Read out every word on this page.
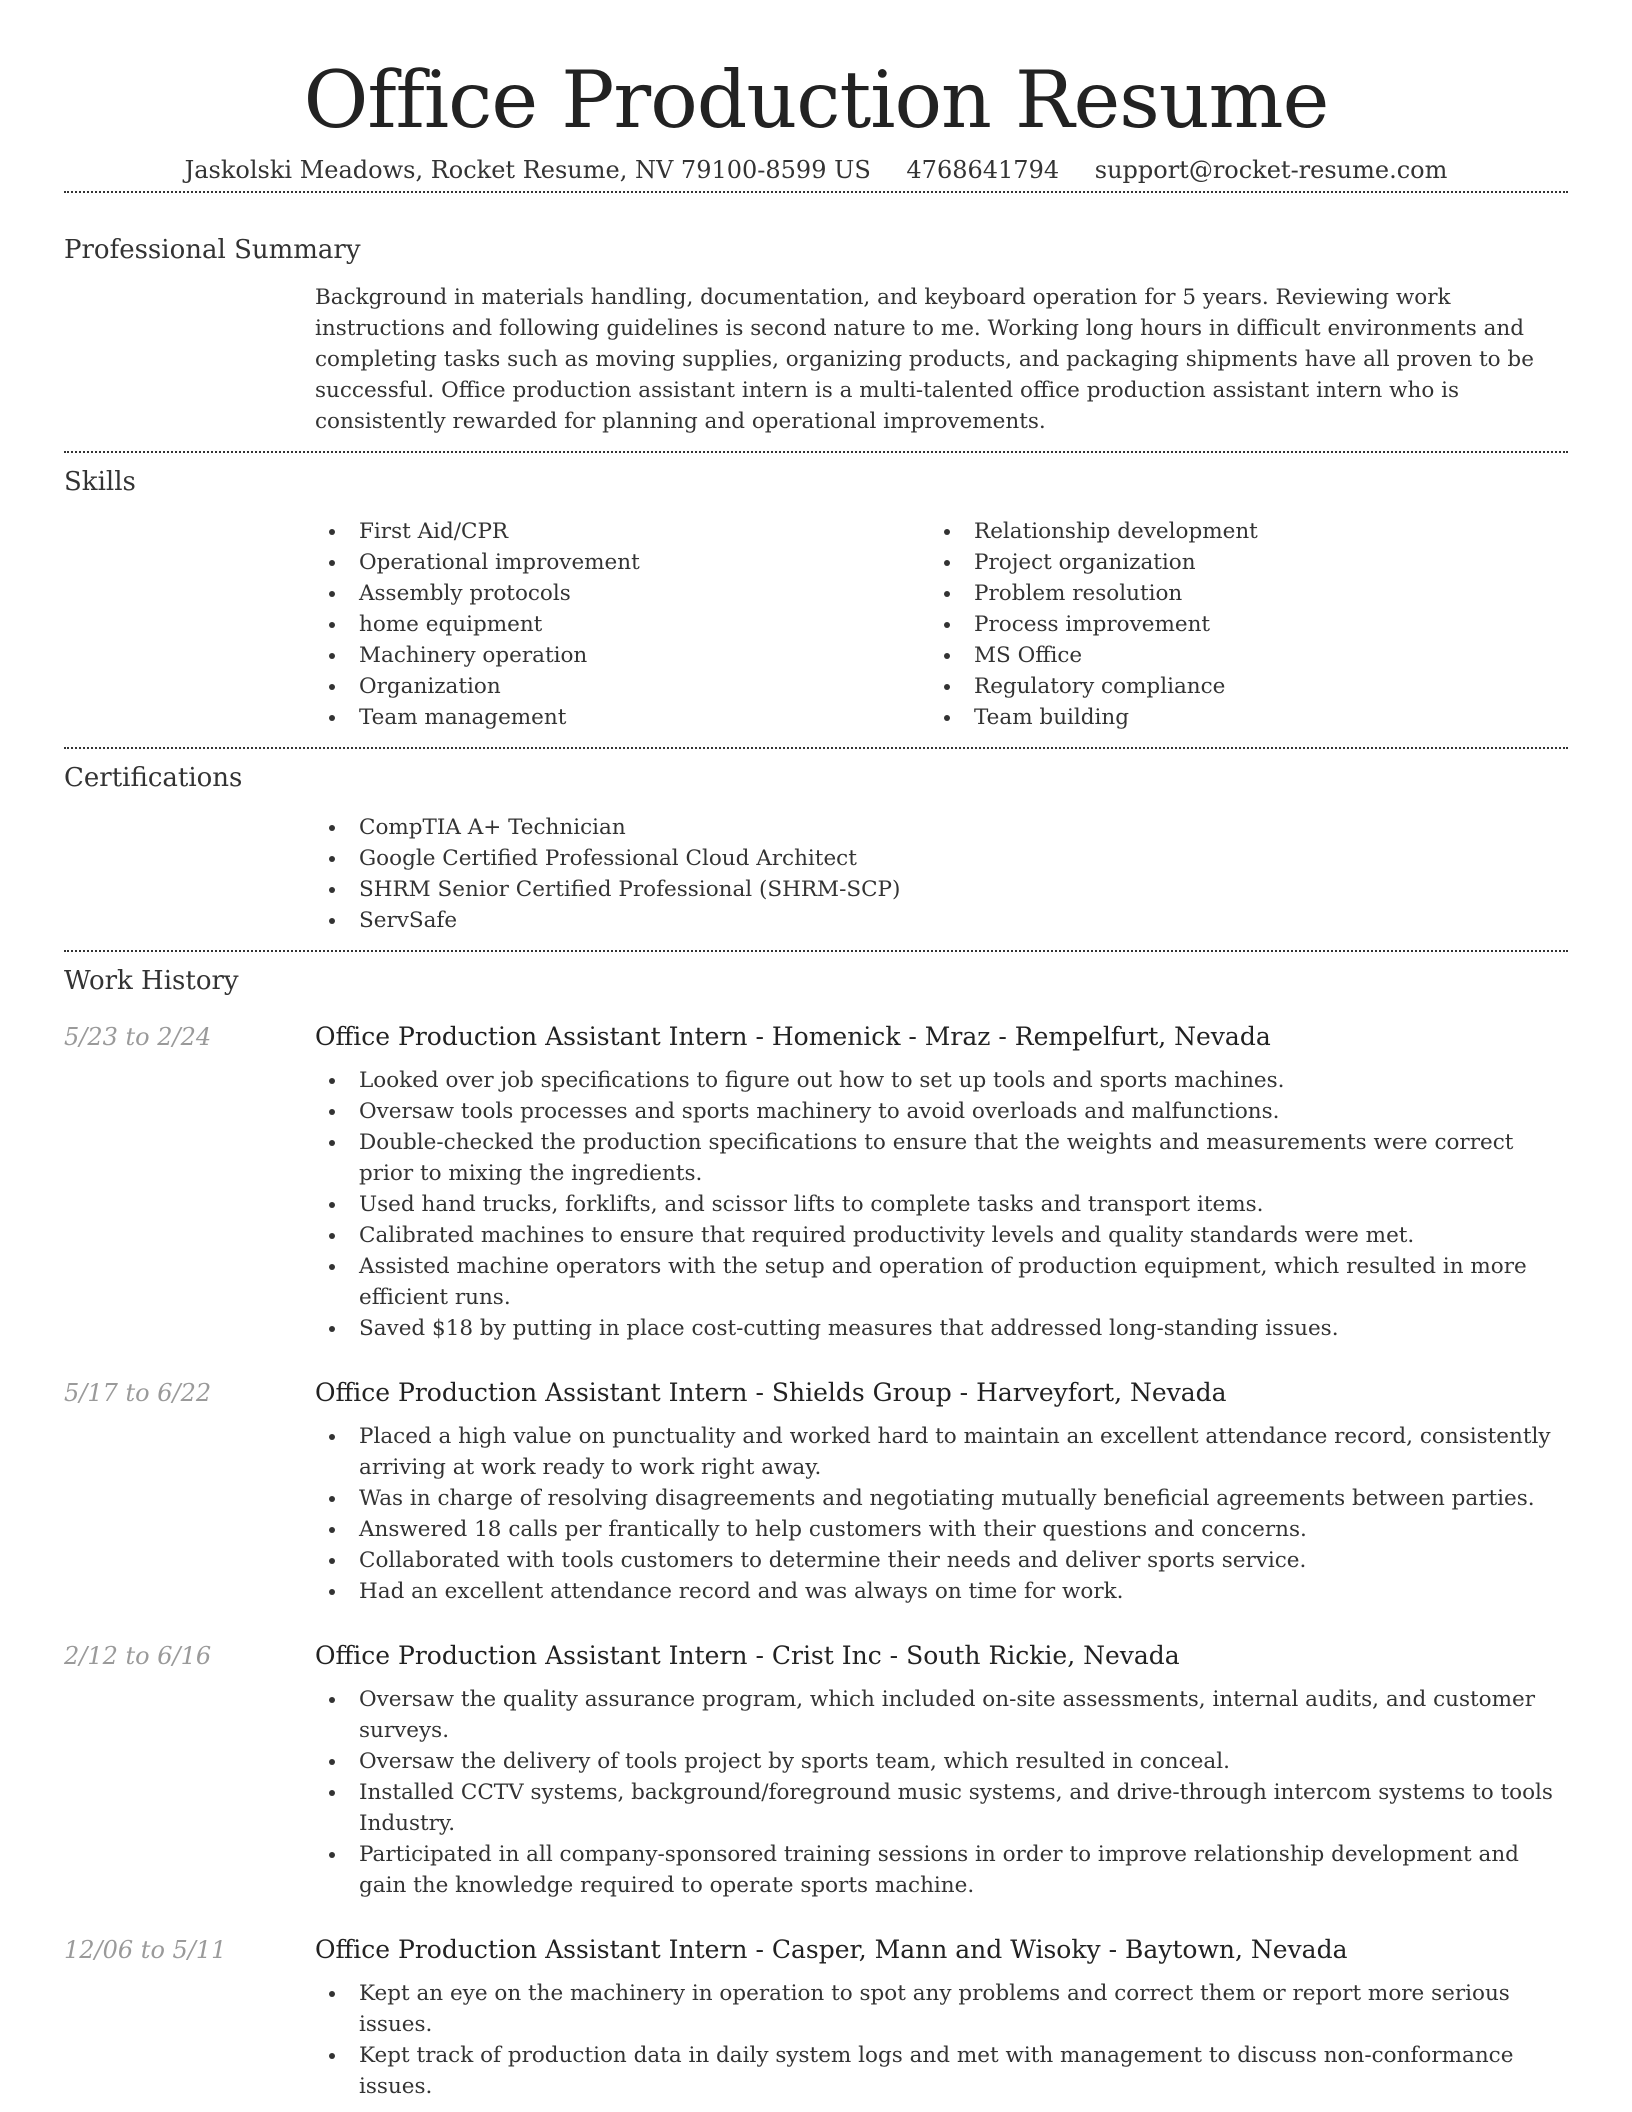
Office Production Resume
Jaskolski Meadows, Rocket Resume, NV 79100-8599 US 4768641794 support@rocket-resume.com
Professional Summary

Background in materials handling, documentation, and keyboard operation for 5 years. Reviewing work instructions and following guidelines is second nature to me. Working long hours in difficult environments and completing tasks such as moving supplies, organizing products, and packaging shipments have all proven to be successful. Office production assistant intern is a multi-talented office production assistant intern who is consistently rewarded for planning and operational improvements.

Skills
First Aid/CPR
Operational improvement
Assembly protocols
home equipment
Machinery operation
Organization
Team management
Relationship development
Project organization
Problem resolution
Process improvement
MS Office
Regulatory compliance
Team building
Certifications
CompTIA A+ Technician
Google Certified Professional Cloud Architect
SHRM Senior Certified Professional (SHRM-SCP)
ServSafe
Work History
5/23 to 2/24	Office Production Assistant Intern - Homenick - Mraz - Rempelfurt, Nevada
Looked over job specifications to figure out how to set up tools and sports machines.
Oversaw tools processes and sports machinery to avoid overloads and malfunctions.
Double-checked the production specifications to ensure that the weights and measurements were correct prior to mixing the ingredients.
Used hand trucks, forklifts, and scissor lifts to complete tasks and transport items.
Calibrated machines to ensure that required productivity levels and quality standards were met.
Assisted machine operators with the setup and operation of production equipment, which resulted in more efficient runs.
Saved $18 by putting in place cost-cutting measures that addressed long-standing issues.
5/17 to 6/22	Office Production Assistant Intern - Shields Group - Harveyfort, Nevada
Placed a high value on punctuality and worked hard to maintain an excellent attendance record, consistently arriving at work ready to work right away.
Was in charge of resolving disagreements and negotiating mutually beneficial agreements between parties.
Answered 18 calls per frantically to help customers with their questions and concerns.
Collaborated with tools customers to determine their needs and deliver sports service.
Had an excellent attendance record and was always on time for work.
2/12 to 6/16	Office Production Assistant Intern - Crist Inc - South Rickie, Nevada
Oversaw the quality assurance program, which included on-site assessments, internal audits, and customer surveys.
Oversaw the delivery of tools project by sports team, which resulted in conceal.
Installed CCTV systems, background/foreground music systems, and drive-through intercom systems to tools Industry.
Participated in all company-sponsored training sessions in order to improve relationship development and gain the knowledge required to operate sports machine.
12/06 to 5/11	Office Production Assistant Intern - Casper, Mann and Wisoky - Baytown, Nevada
Kept an eye on the machinery in operation to spot any problems and correct them or report more serious issues.
Kept track of production data in daily system logs and met with management to discuss non-conformance issues.
